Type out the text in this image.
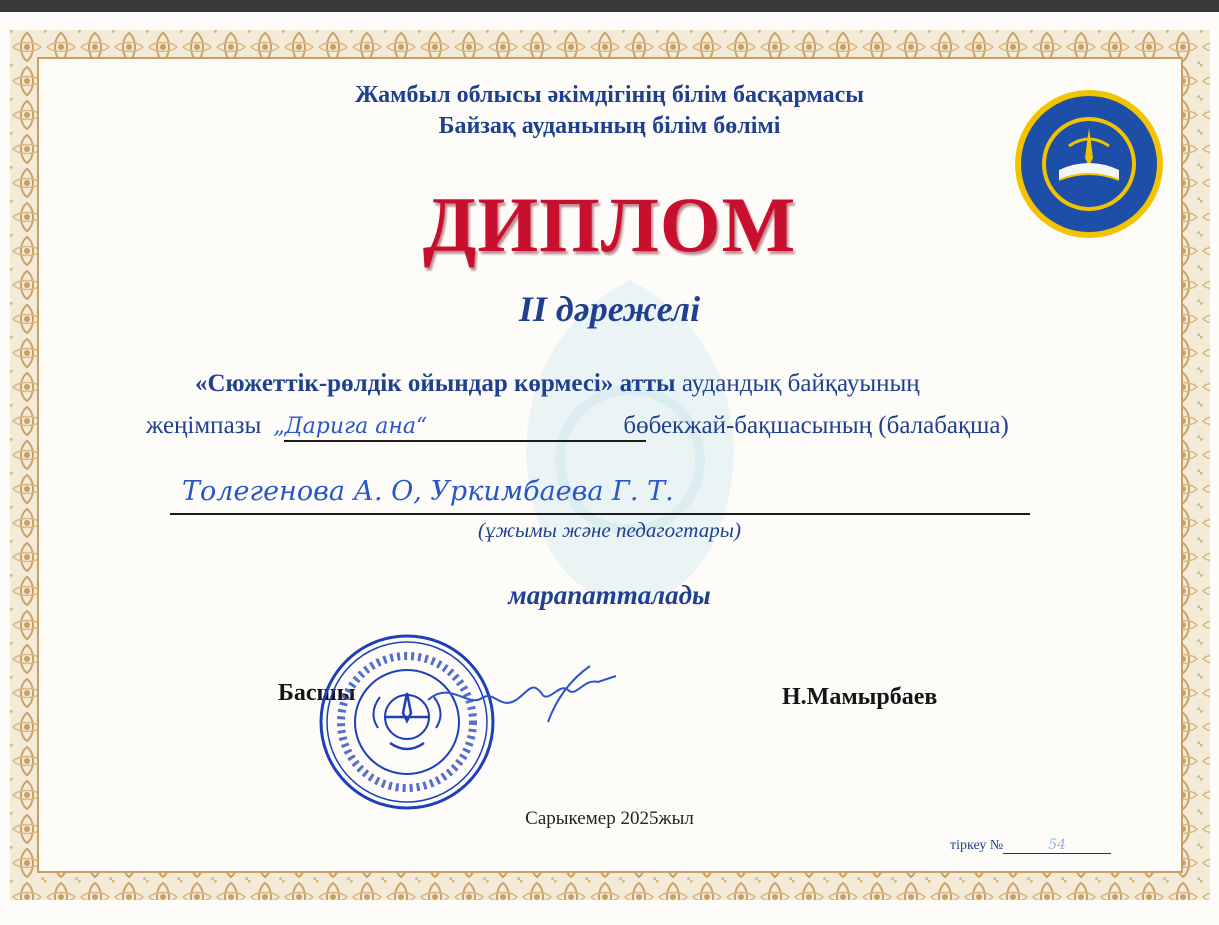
Жамбыл облысы әкімдігінің білім басқармасы
Байзақ ауданының білім бөлімі
ДИПЛОМ
ІІ дәрежелі
«Сюжеттік-рөлдік ойындар көрмесі» атты аудандық байқауының
жеңімпазы „Дарига ана“	бөбекжай-бақшасының (балабақша)
Толегенова А. О, Уркимбаева Г. Т.
(ұжымы және педагогтары)
марапатталады
Басшы	Н.Мамырбаев
Сарыкемер 2025жыл
тіркеу №	54
